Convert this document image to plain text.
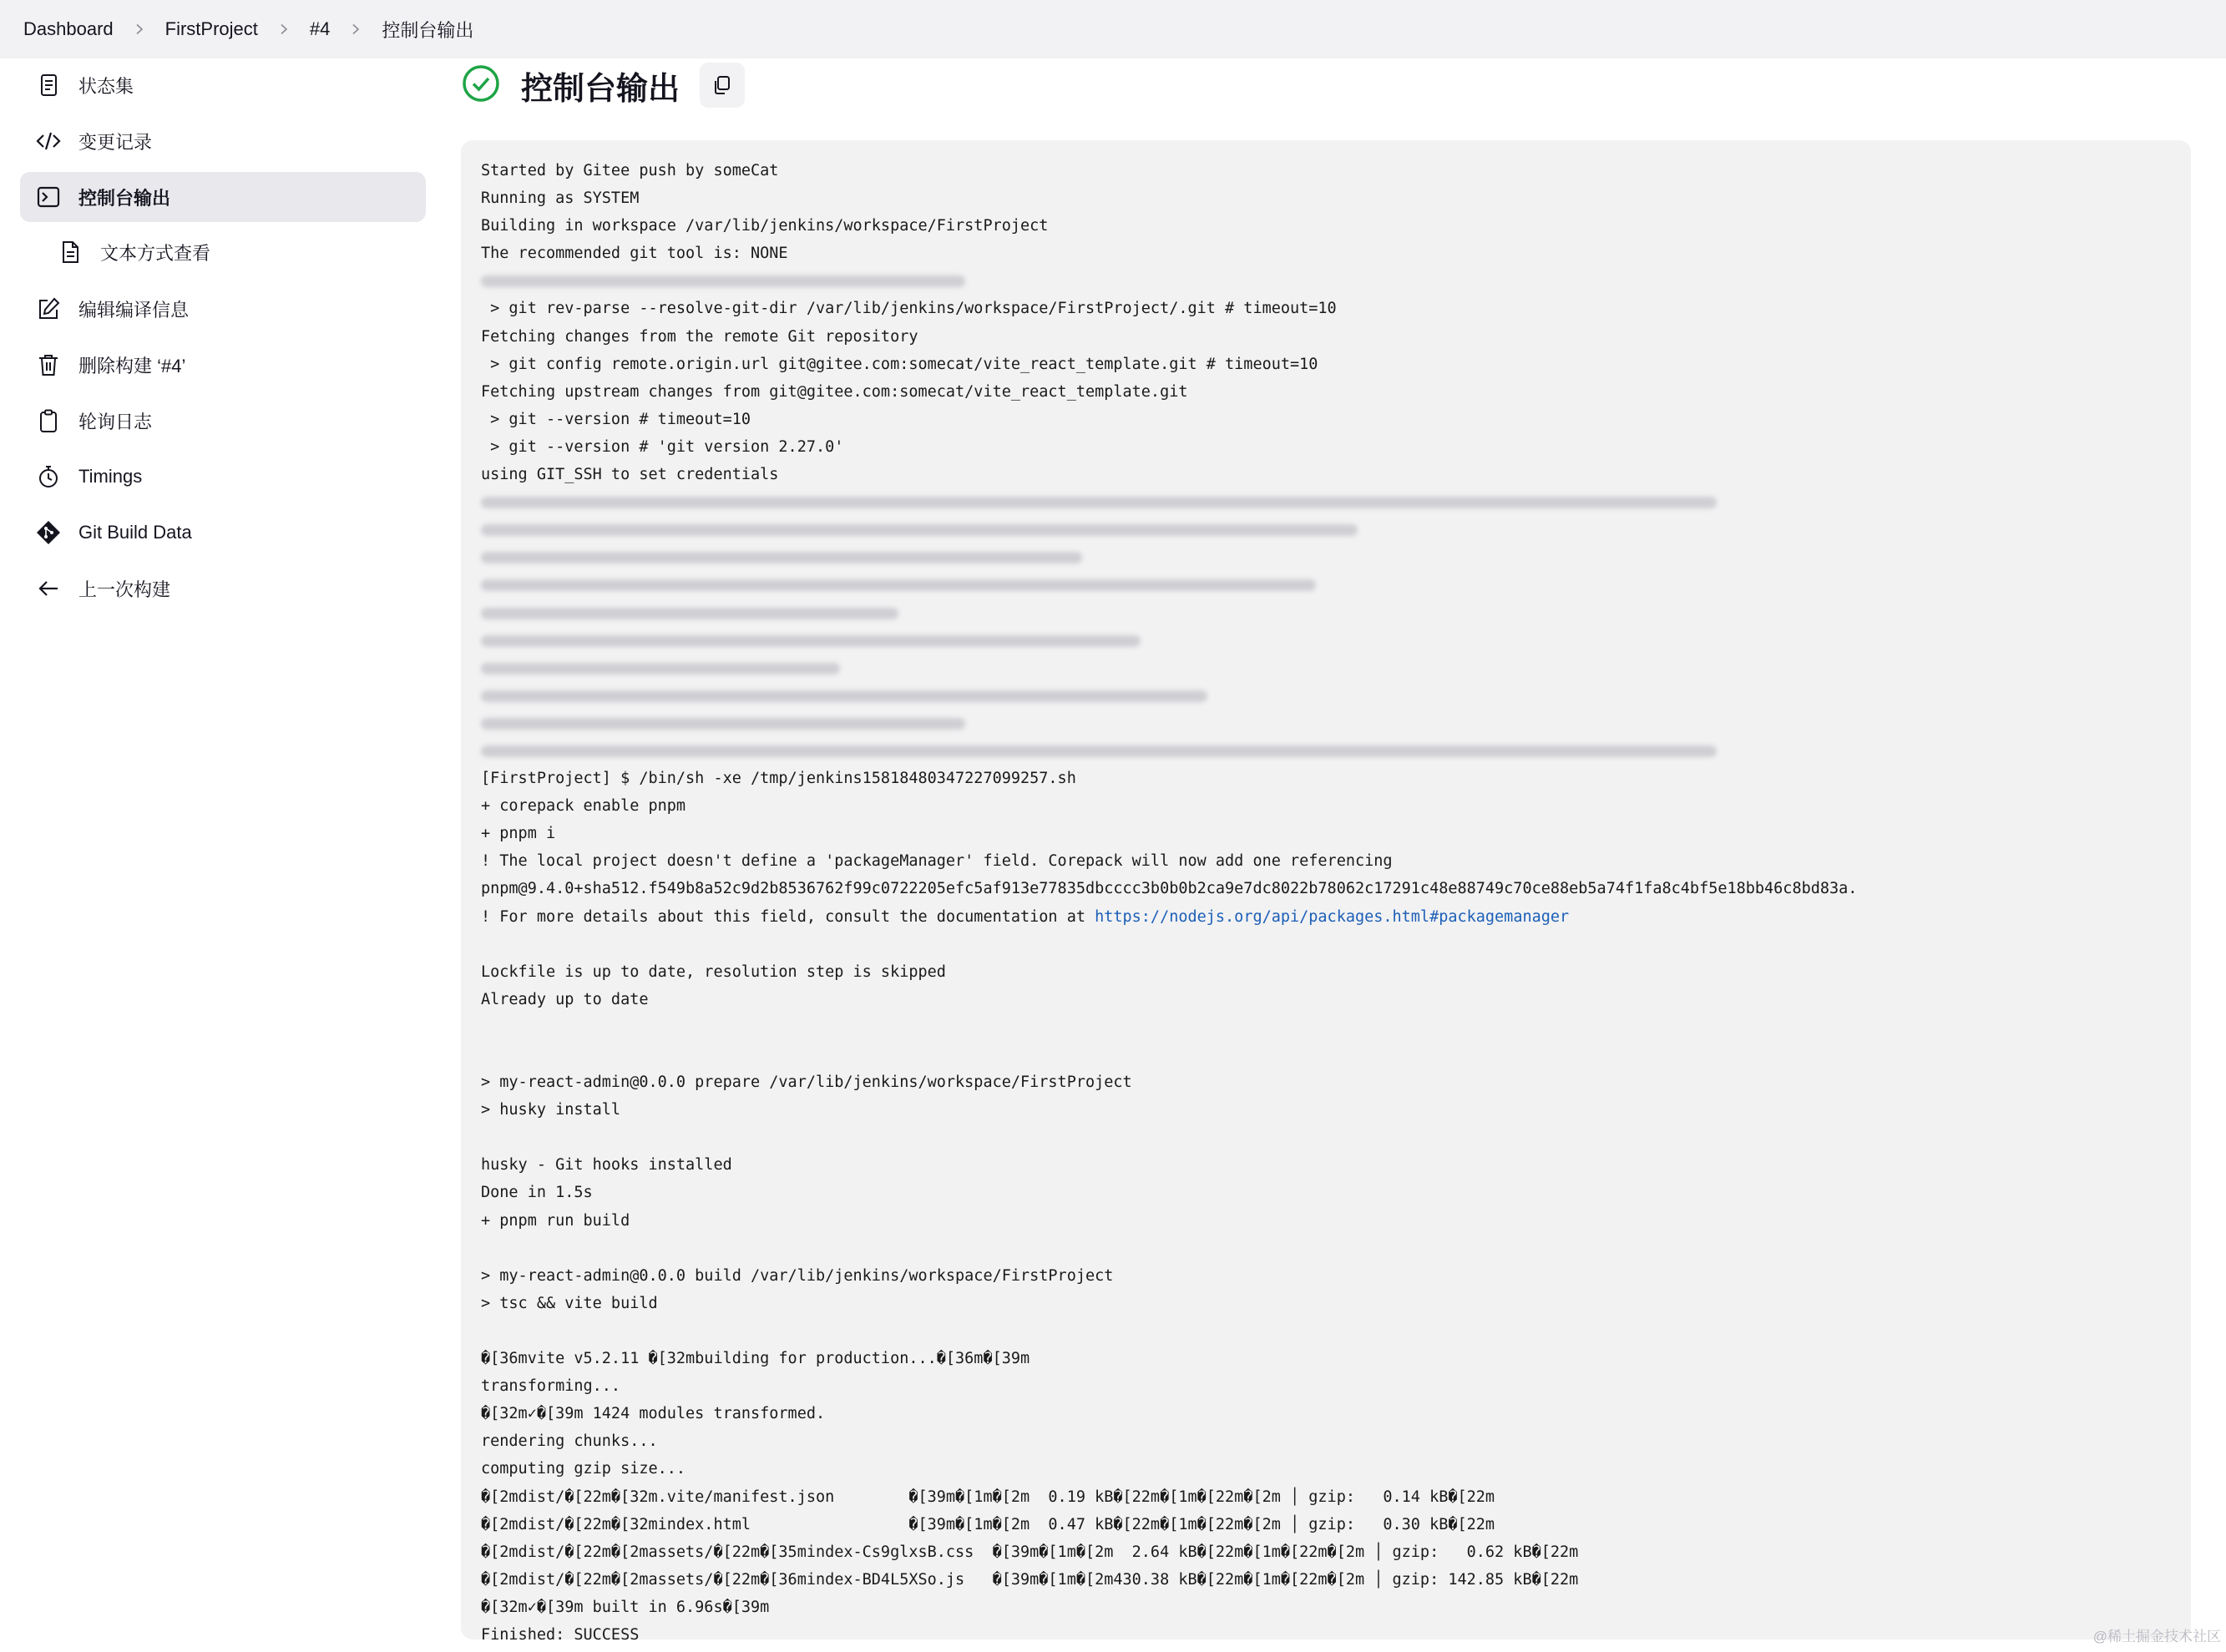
Dashboard	FirstProject	#4	控制台输出
状态集
变更记录
控制台输出
文本方式查看
编辑编译信息
删除构建 ‘#4’
轮询日志
Timings
Git Build Data
上一次构建
控制台输出
Started by Gitee push by someCat
Running as SYSTEM
Building in workspace /var/lib/jenkins/workspace/FirstProject
The recommended git tool is: NONE
> git rev-parse --resolve-git-dir /var/lib/jenkins/workspace/FirstProject/.git # timeout=10
Fetching changes from the remote Git repository
> git config remote.origin.url git@gitee.com:somecat/vite_react_template.git # timeout=10
Fetching upstream changes from git@gitee.com:somecat/vite_react_template.git
> git --version # timeout=10
> git --version # 'git version 2.27.0'
using GIT_SSH to set credentials
[FirstProject] $ /bin/sh -xe /tmp/jenkins15818480347227099257.sh
+ corepack enable pnpm
+ pnpm i
! The local project doesn't define a 'packageManager' field. Corepack will now add one referencing
pnpm@9.4.0+sha512.f549b8a52c9d2b8536762f99c0722205efc5af913e77835dbcccc3b0b0b2ca9e7dc8022b78062c17291c48e88749c70ce88eb5a74f1fa8c4bf5e18bb46c8bd83a.
! For more details about this field, consult the documentation at https://nodejs.org/api/packages.html#packagemanager
Lockfile is up to date, resolution step is skipped
Already up to date
> my-react-admin@0.0.0 prepare /var/lib/jenkins/workspace/FirstProject
> husky install
husky - Git hooks installed
Done in 1.5s
+ pnpm run build
> my-react-admin@0.0.0 build /var/lib/jenkins/workspace/FirstProject
> tsc && vite build
�[36mvite v5.2.11 �[32mbuilding for production...�[36m�[39m
transforming...
�[32m✓�[39m 1424 modules transformed.
rendering chunks...
computing gzip size...
�[2mdist/�[22m�[32m.vite/manifest.json        �[39m�[1m�[2m  0.19 kB�[22m�[1m�[22m�[2m │ gzip:   0.14 kB�[22m
�[2mdist/�[22m�[32mindex.html                 �[39m�[1m�[2m  0.47 kB�[22m�[1m�[22m�[2m │ gzip:   0.30 kB�[22m
�[2mdist/�[22m�[2massets/�[22m�[35mindex-Cs9glxsB.css  �[39m�[1m�[2m  2.64 kB�[22m�[1m�[22m�[2m │ gzip:   0.62 kB�[22m
�[2mdist/�[22m�[2massets/�[22m�[36mindex-BD4L5XSo.js   �[39m�[1m�[2m430.38 kB�[22m�[1m�[22m�[2m │ gzip: 142.85 kB�[22m
�[32m✓�[39m built in 6.96s�[39m
Finished: SUCCESS	@稀土掘金技术社区
